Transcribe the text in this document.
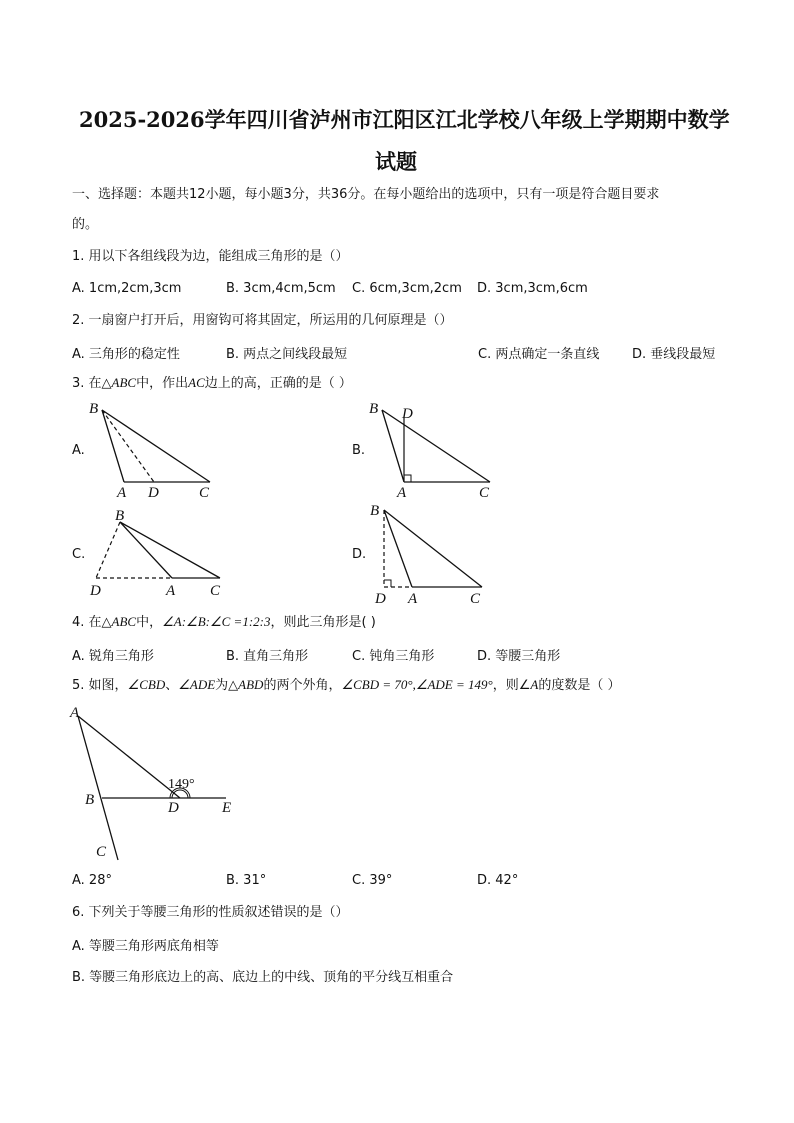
2025-2026学年四川省泸州市江阳区江北学校八年级上学期期中数学
试题
一、选择题：本题共12小题，每小题3分，共36分。在每小题给出的选项中，只有一项是符合题目要求
的。
1. 用以下各组线段为边，能组成三角形的是（）
A. 1cm,2cm,3cm	B. 3cm,4cm,5cm C. 6cm,3cm,2cm D. 3cm,3cm,6cm
2. 一扇窗户打开后，用窗钩可将其固定，所运用的几何原理是（）
A. 三角形的稳定性	B. 两点之间线段最短	C. 两点确定一条直线	D. 垂线段最短
3. 在△ABC中，作出AC边上的高，正确的是（ ）
A.	B.
C.	D.
B
A D	C
B D
A	C
B
D	A C
B
D A	C
4. 在△ABC中，∠A:∠B:∠C =1:2:3，则此三角形是( )
A. 锐角三角形	B. 直角三角形	C. 钝角三角形	D. 等腰三角形
5. 如图，∠CBD、∠ADE为△ABD的两个外角，∠CBD = 70°,∠ADE = 149°，则∠A的度数是（ ）
149°
A
B
C
D	E
A. 28°	B. 31°	C. 39°	D. 42°
6. 下列关于等腰三角形的性质叙述错误的是（）
A. 等腰三角形两底角相等
B. 等腰三角形底边上的高、底边上的中线、顶角的平分线互相重合
